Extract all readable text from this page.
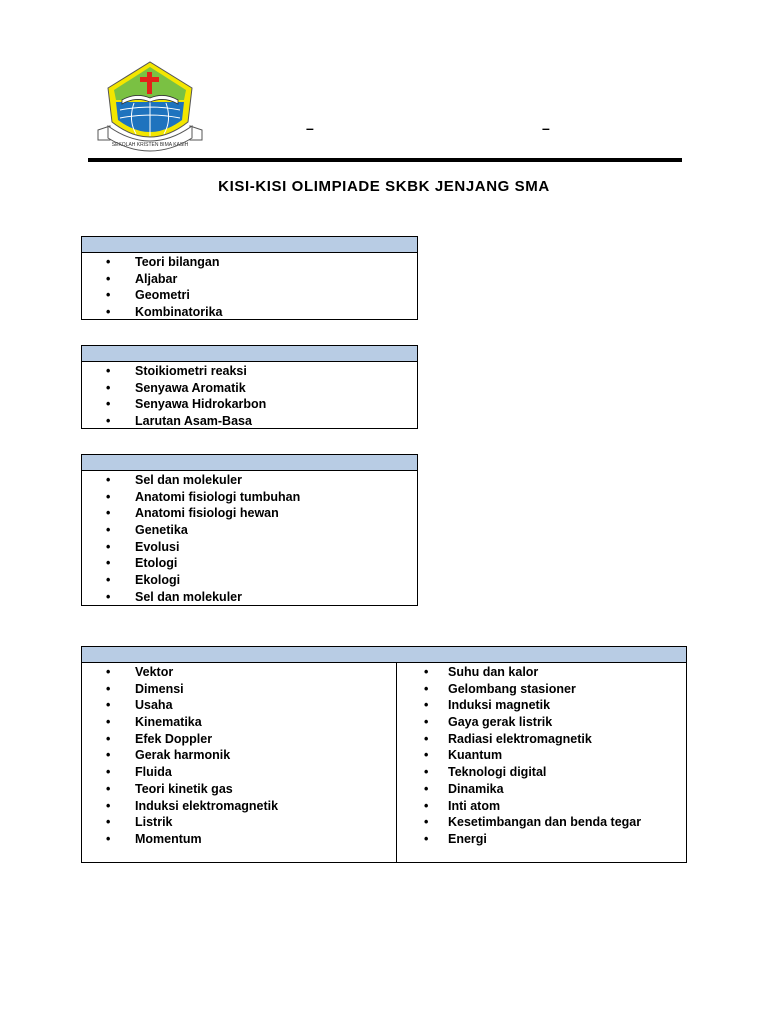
SEKOLAH KRISTEN BIMA KASIH
–	–
KISI-KISI OLIMPIADE SKBK JENJANG SMA
• Teori bilangan
• Aljabar
• Geometri
• Kombinatorika
• Stoikiometri reaksi
• Senyawa Aromatik
• Senyawa Hidrokarbon
• Larutan Asam-Basa
• Sel dan molekuler
• Anatomi fisiologi tumbuhan
• Anatomi fisiologi hewan
• Genetika
• Evolusi
• Etologi
• Ekologi
• Sel dan molekuler
• Vektor
• Dimensi
• Usaha
• Kinematika
• Efek Doppler
• Gerak harmonik
• Fluida
• Teori kinetik gas
• Induksi elektromagnetik
• Listrik
• Momentum
• Suhu dan kalor
• Gelombang stasioner
• Induksi magnetik
• Gaya gerak listrik
• Radiasi elektromagnetik
• Kuantum
• Teknologi digital
• Dinamika
• Inti atom
• Kesetimbangan dan benda tegar
• Energi
